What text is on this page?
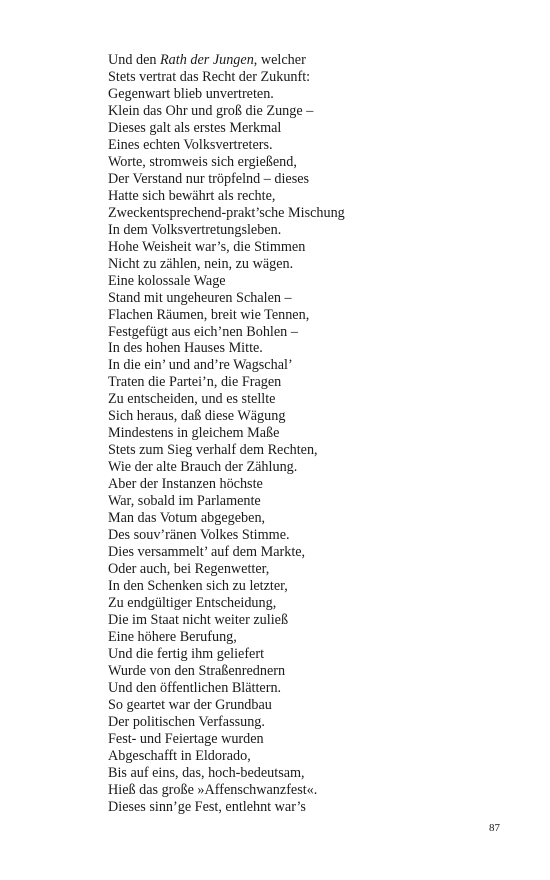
Und den Rath der Jungen, welcher
Stets vertrat das Recht der Zukunft:
Gegenwart blieb unvertreten.
Klein das Ohr und groß die Zunge –
Dieses galt als erstes Merkmal
Eines echten Volksvertreters.
Worte, stromweis sich ergießend,
Der Verstand nur tröpfelnd – dieses
Hatte sich bewährt als rechte,
Zweckentsprechend-prakt’sche Mischung
In dem Volksvertretungsleben.
Hohe Weisheit war’s, die Stimmen
Nicht zu zählen, nein, zu wägen.
Eine kolossale Wage
Stand mit ungeheuren Schalen –
Flachen Räumen, breit wie Tennen,
Festgefügt aus eich’nen Bohlen –
In des hohen Hauses Mitte.
In die ein’ und and’re Wagschal’
Traten die Partei’n, die Fragen
Zu entscheiden, und es stellte
Sich heraus, daß diese Wägung
Mindestens in gleichem Maße
Stets zum Sieg verhalf dem Rechten,
Wie der alte Brauch der Zählung.
Aber der Instanzen höchste
War, sobald im Parlamente
Man das Votum abgegeben,
Des souv’ränen Volkes Stimme.
Dies versammelt’ auf dem Markte,
Oder auch, bei Regenwetter,
In den Schenken sich zu letzter,
Zu endgültiger Entscheidung,
Die im Staat nicht weiter zuließ
Eine höhere Berufung,
Und die fertig ihm geliefert
Wurde von den Straßenrednern
Und den öffentlichen Blättern.
So geartet war der Grundbau
Der politischen Verfassung.
Fest- und Feiertage wurden
Abgeschafft in Eldorado,
Bis auf eins, das, hoch-bedeutsam,
Hieß das große »Affenschwanzfest«.
Dieses sinn’ge Fest, entlehnt war’s
87
